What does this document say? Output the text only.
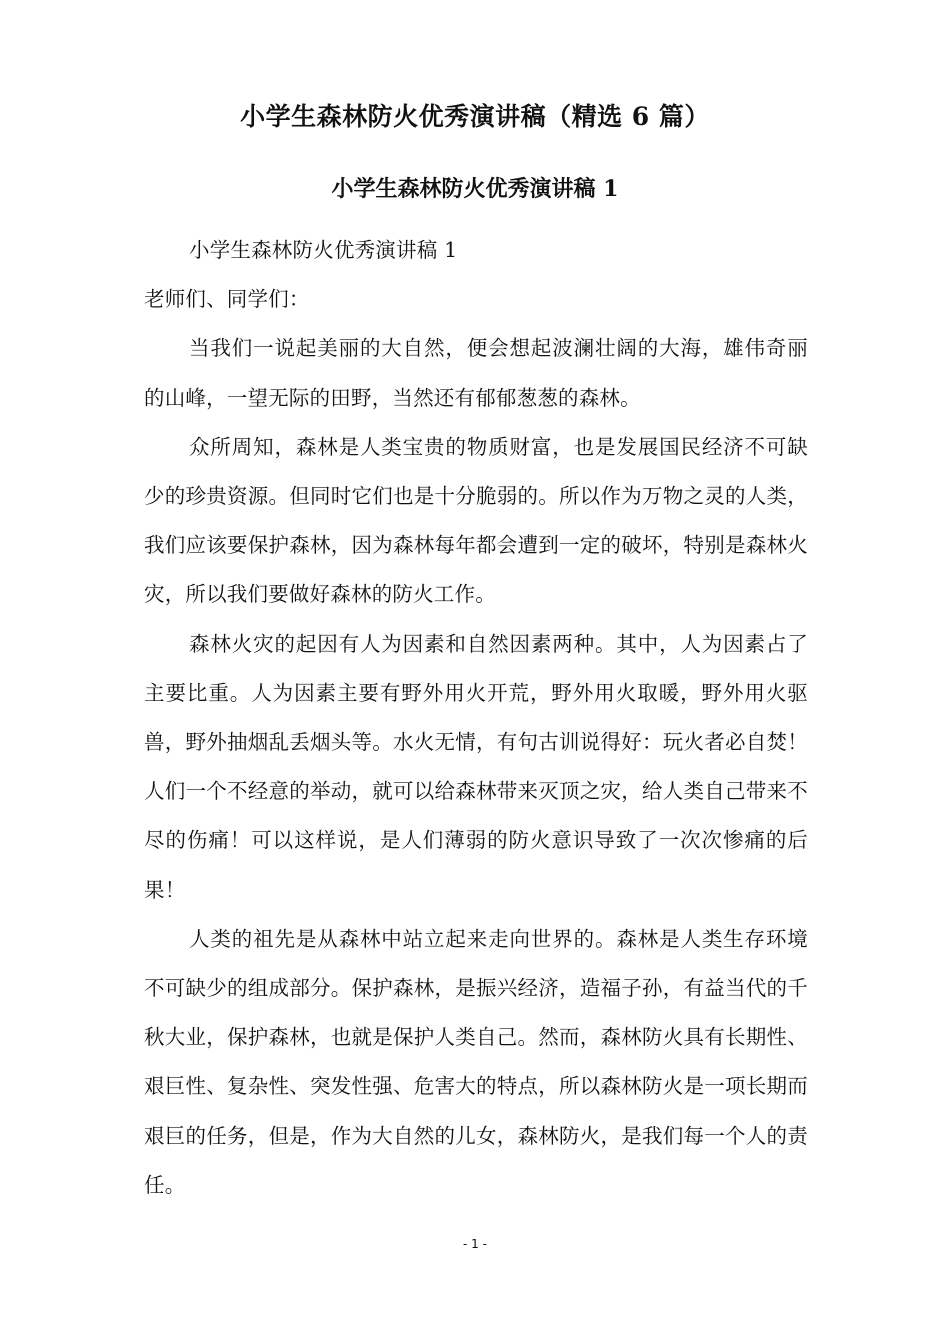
小学生森林防火优秀演讲稿（精选 6 篇）
小学生森林防火优秀演讲稿 1

小学生森林防火优秀演讲稿 1

老师们、同学们：

当我们一说起美丽的大自然，便会想起波澜壮阔的大海，雄伟奇丽的山峰，一望无际的田野，当然还有郁郁葱葱的森林。

众所周知，森林是人类宝贵的物质财富，也是发展国民经济不可缺少的珍贵资源。但同时它们也是十分脆弱的。所以作为万物之灵的人类，我们应该要保护森林，因为森林每年都会遭到一定的破坏，特别是森林火灾，所以我们要做好森林的防火工作。

森林火灾的起因有人为因素和自然因素两种。其中，人为因素占了主要比重。人为因素主要有野外用火开荒，野外用火取暖，野外用火驱兽，野外抽烟乱丢烟头等。水火无情，有句古训说得好：玩火者必自焚！人们一个不经意的举动，就可以给森林带来灭顶之灾，给人类自己带来不尽的伤痛！可以这样说，是人们薄弱的防火意识导致了一次次惨痛的后果！

人类的祖先是从森林中站立起来走向世界的。森林是人类生存环境不可缺少的组成部分。保护森林，是振兴经济，造福子孙，有益当代的千秋大业，保护森林，也就是保护人类自己。然而，森林防火具有长期性、艰巨性、复杂性、突发性强、危害大的特点，所以森林防火是一项长期而艰巨的任务，但是，作为大自然的儿女，森林防火，是我们每一个人的责任。

- 1 -
